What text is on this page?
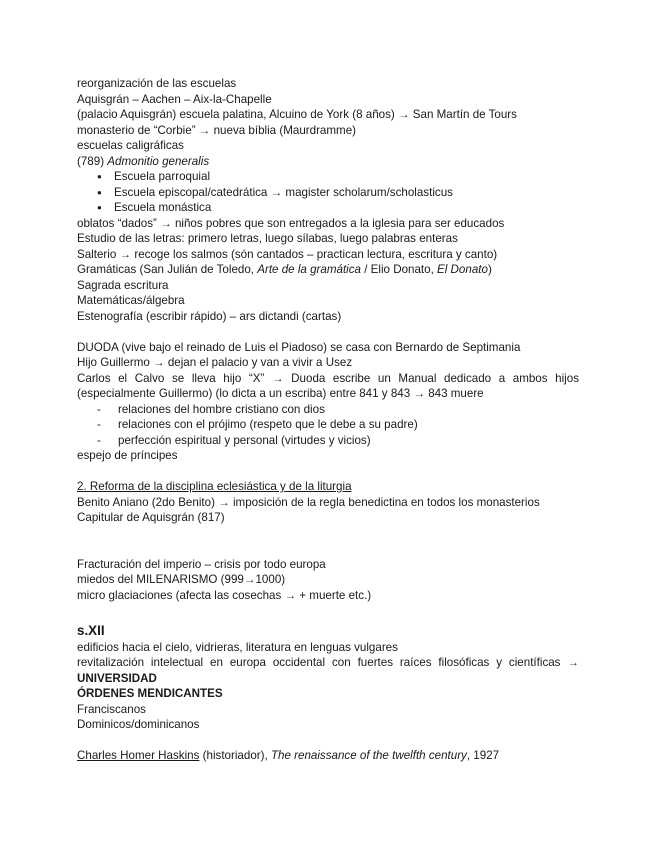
reorganización de las escuelas
Aquisgrán – Aachen – Aix-la-Chapelle
(palacio Aquisgrán) escuela palatina, Alcuino de York (8 años) → San Martín de Tours
monasterio de “Corbie” → nueva bíblia (Maurdramme)
escuelas caligráficas
(789) Admonitio generalis
● Escuela parroquial
● Escuela episcopal/catedrática → magister scholarum/scholasticus
● Escuela monástica
oblatos “dados” → niños pobres que son entregados a la iglesia para ser educados
Estudio de las letras: primero letras, luego sílabas, luego palabras enteras
Salterio → recoge los salmos (són cantados – practican lectura, escritura y canto)
Gramáticas (San Julián de Toledo, Arte de la gramática / Elio Donato, El Donato)
Sagrada escritura
Matemáticas/álgebra
Estenografía (escribir rápido) – ars dictandi (cartas)
DUODA (vive bajo el reinado de Luis el Piadoso) se casa con Bernardo de Septimania
Hijo Guillermo → dejan el palacio y van a vivir a Usez
Carlos el Calvo se lleva hijo “X” → Duoda escribe un Manual dedicado a ambos hijos
(especialmente Guillermo) (lo dicta a un escriba) entre 841 y 843 → 843 muere
- relaciones del hombre cristiano con dios
- relaciones con el prójimo (respeto que le debe a su padre)
- perfección espiritual y personal (virtudes y vicios)
espejo de príncipes
2. Reforma de la disciplina eclesiástica y de la liturgia
Benito Aniano (2do Benito) → imposición de la regla benedictina en todos los monasterios
Capitular de Aquisgrán (817)
Fracturación del imperio – crisis por todo europa
miedos del MILENARISMO (999→1000)
micro glaciaciones (afecta las cosechas → + muerte etc.)
s.XII
edificios hacia el cielo, vidrieras, literatura en lenguas vulgares
revitalización intelectual en europa occidental con fuertes raíces filosóficas y científicas →
UNIVERSIDAD
ÓRDENES MENDICANTES
Franciscanos
Dominicos/dominicanos
Charles Homer Haskins (historiador), The renaissance of the twelfth century, 1927
